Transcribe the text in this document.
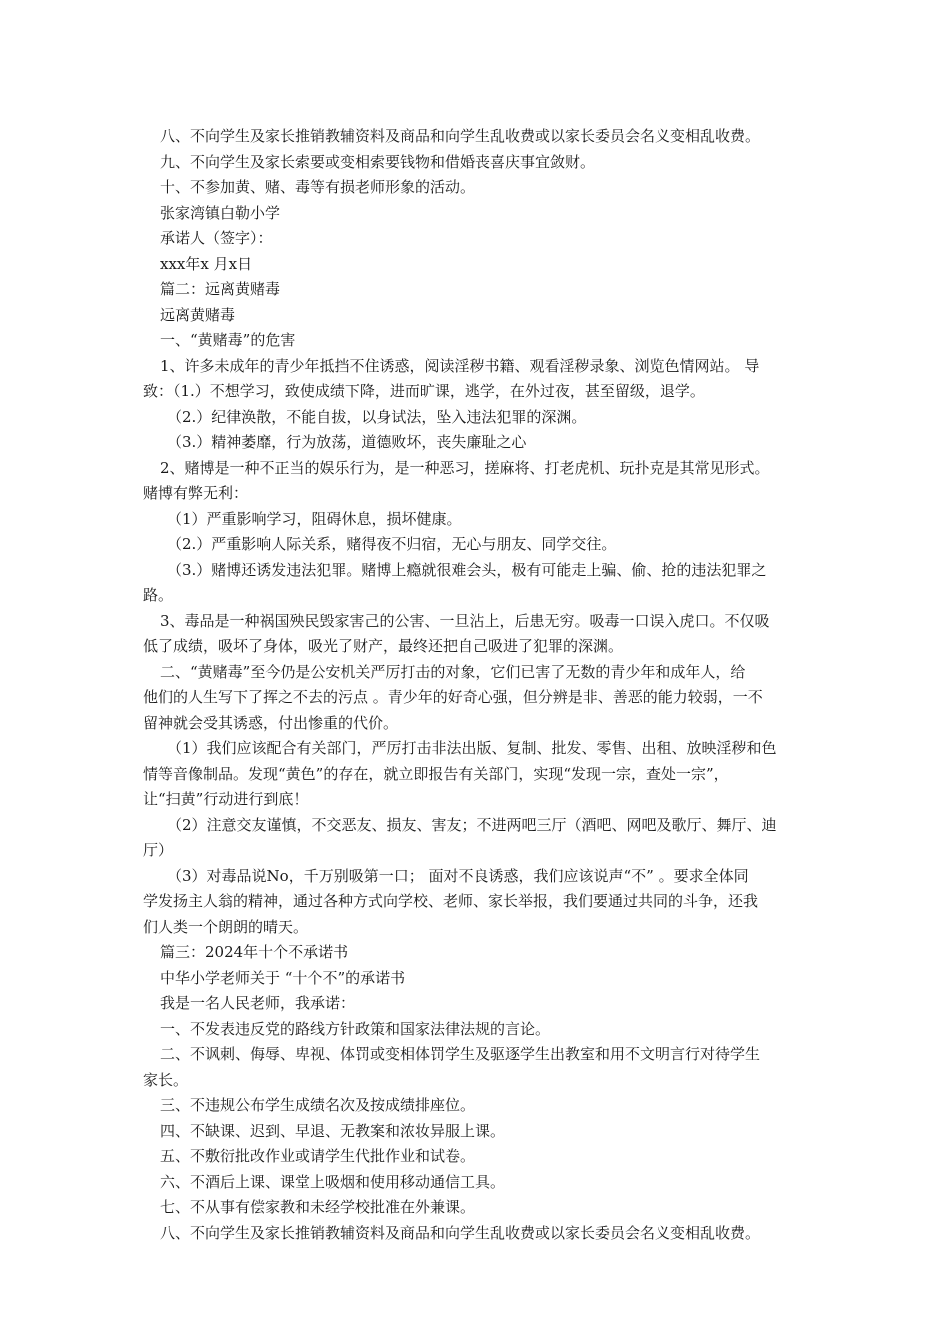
八、不向学生及家长推销教辅资料及商品和向学生乱收费或以家长委员会名义变相乱收费。
九、不向学生及家长索要或变相索要钱物和借婚丧喜庆事宜敛财。
十、不参加黄、赌、毒等有损老师形象的活动。
张家湾镇白勒小学
承诺人（签字）：
xxx年x 月x日
篇二：远离黄赌毒
远离黄赌毒
一、“黄赌毒”的危害
1、许多未成年的青少年抵挡不住诱惑，阅读淫秽书籍、观看淫秽录象、浏览色情网站。 导
致：（1.）不想学习，致使成绩下降，进而旷课，逃学，在外过夜，甚至留级，退学。
（2.）纪律涣散，不能自拔，以身试法，坠入违法犯罪的深渊。
（3.）精神萎靡，行为放荡，道德败坏，丧失廉耻之心
2、赌博是一种不正当的娱乐行为，是一种恶习，搓麻将、打老虎机、玩扑克是其常见形式。
赌博有弊无利：
（1）严重影响学习，阻碍休息，损坏健康。
（2.）严重影响人际关系，赌得夜不归宿，无心与朋友、同学交往。
（3.）赌博还诱发违法犯罪。赌博上瘾就很难会头，极有可能走上骗、偷、抢的违法犯罪之
路。
3、毒品是一种祸国殃民毁家害己的公害、一旦沾上，后患无穷。吸毒一口误入虎口。不仅吸
低了成绩，吸坏了身体，吸光了财产，最终还把自己吸进了犯罪的深渊。
二、“黄赌毒”至今仍是公安机关严厉打击的对象，它们已害了无数的青少年和成年人，给
他们的人生写下了挥之不去的污点 。青少年的好奇心强，但分辨是非、善恶的能力较弱，一不
留神就会受其诱惑，付出惨重的代价。
（1）我们应该配合有关部门，严厉打击非法出版、复制、批发、零售、出租、放映淫秽和色
情等音像制品。发现“黄色”的存在，就立即报告有关部门，实现“发现一宗，查处一宗”，
让“扫黄”行动进行到底！
（2）注意交友谨慎，不交恶友、损友、害友；不进两吧三厅（酒吧、网吧及歌厅、舞厅、迪
厅）
（3）对毒品说No，千万别吸第一口； 面对不良诱惑，我们应该说声“不” 。要求全体同
学发扬主人翁的精神，通过各种方式向学校、老师、家长举报，我们要通过共同的斗争，还我
们人类一个朗朗的晴天。
篇三：2024年十个不承诺书
中华小学老师关于 “十个不”的承诺书
我是一名人民老师，我承诺：
一、不发表违反党的路线方针政策和国家法律法规的言论。
二、不讽刺、侮辱、卑视、体罚或变相体罚学生及驱逐学生出教室和用不文明言行对待学生
家长。
三、不违规公布学生成绩名次及按成绩排座位。
四、不缺课、迟到、早退、无教案和浓妆异服上课。
五、不敷衍批改作业或请学生代批作业和试卷。
六、不酒后上课、课堂上吸烟和使用移动通信工具。
七、不从事有偿家教和未经学校批准在外兼课。
八、不向学生及家长推销教辅资料及商品和向学生乱收费或以家长委员会名义变相乱收费。
